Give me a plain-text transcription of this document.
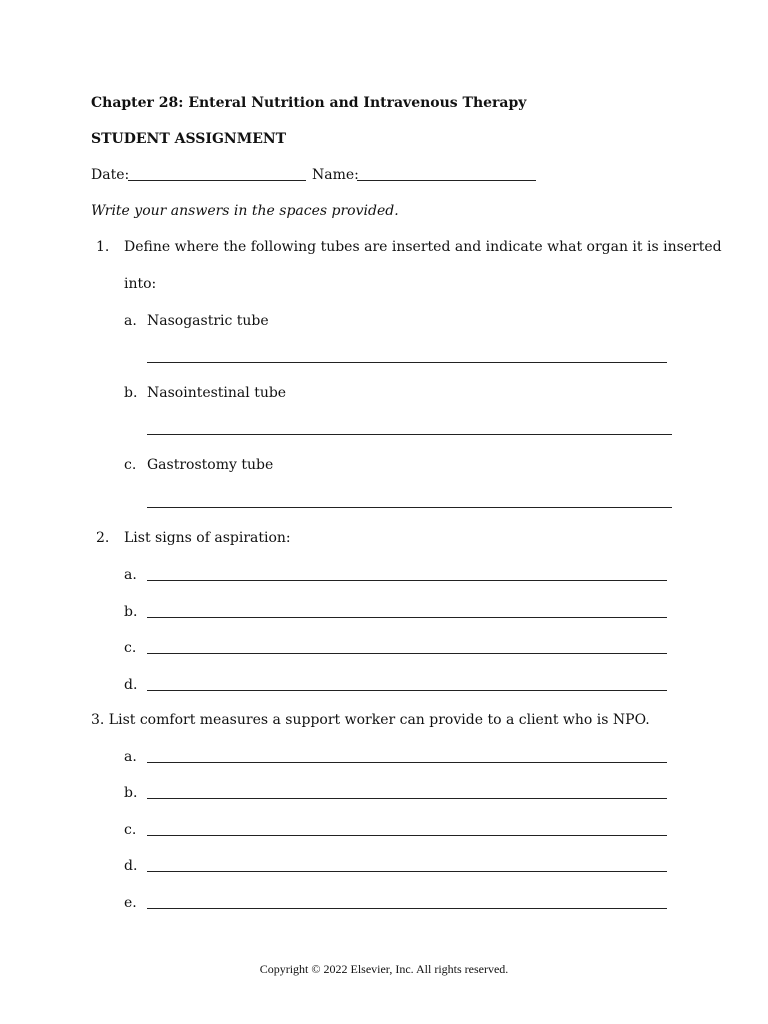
Chapter 28: Enteral Nutrition and Intravenous Therapy
STUDENT ASSIGNMENT
Date:	Name:
Write your answers in the spaces provided.
1. Define where the following tubes are inserted and indicate what organ it is inserted
into:
a. Nasogastric tube
b. Nasointestinal tube
c. Gastrostomy tube
2. List signs of aspiration:
a.
b.
c.
d.
3. List comfort measures a support worker can provide to a client who is NPO.
a.
b.
c.
d.
e.
Copyright © 2022 Elsevier, Inc. All rights reserved.
